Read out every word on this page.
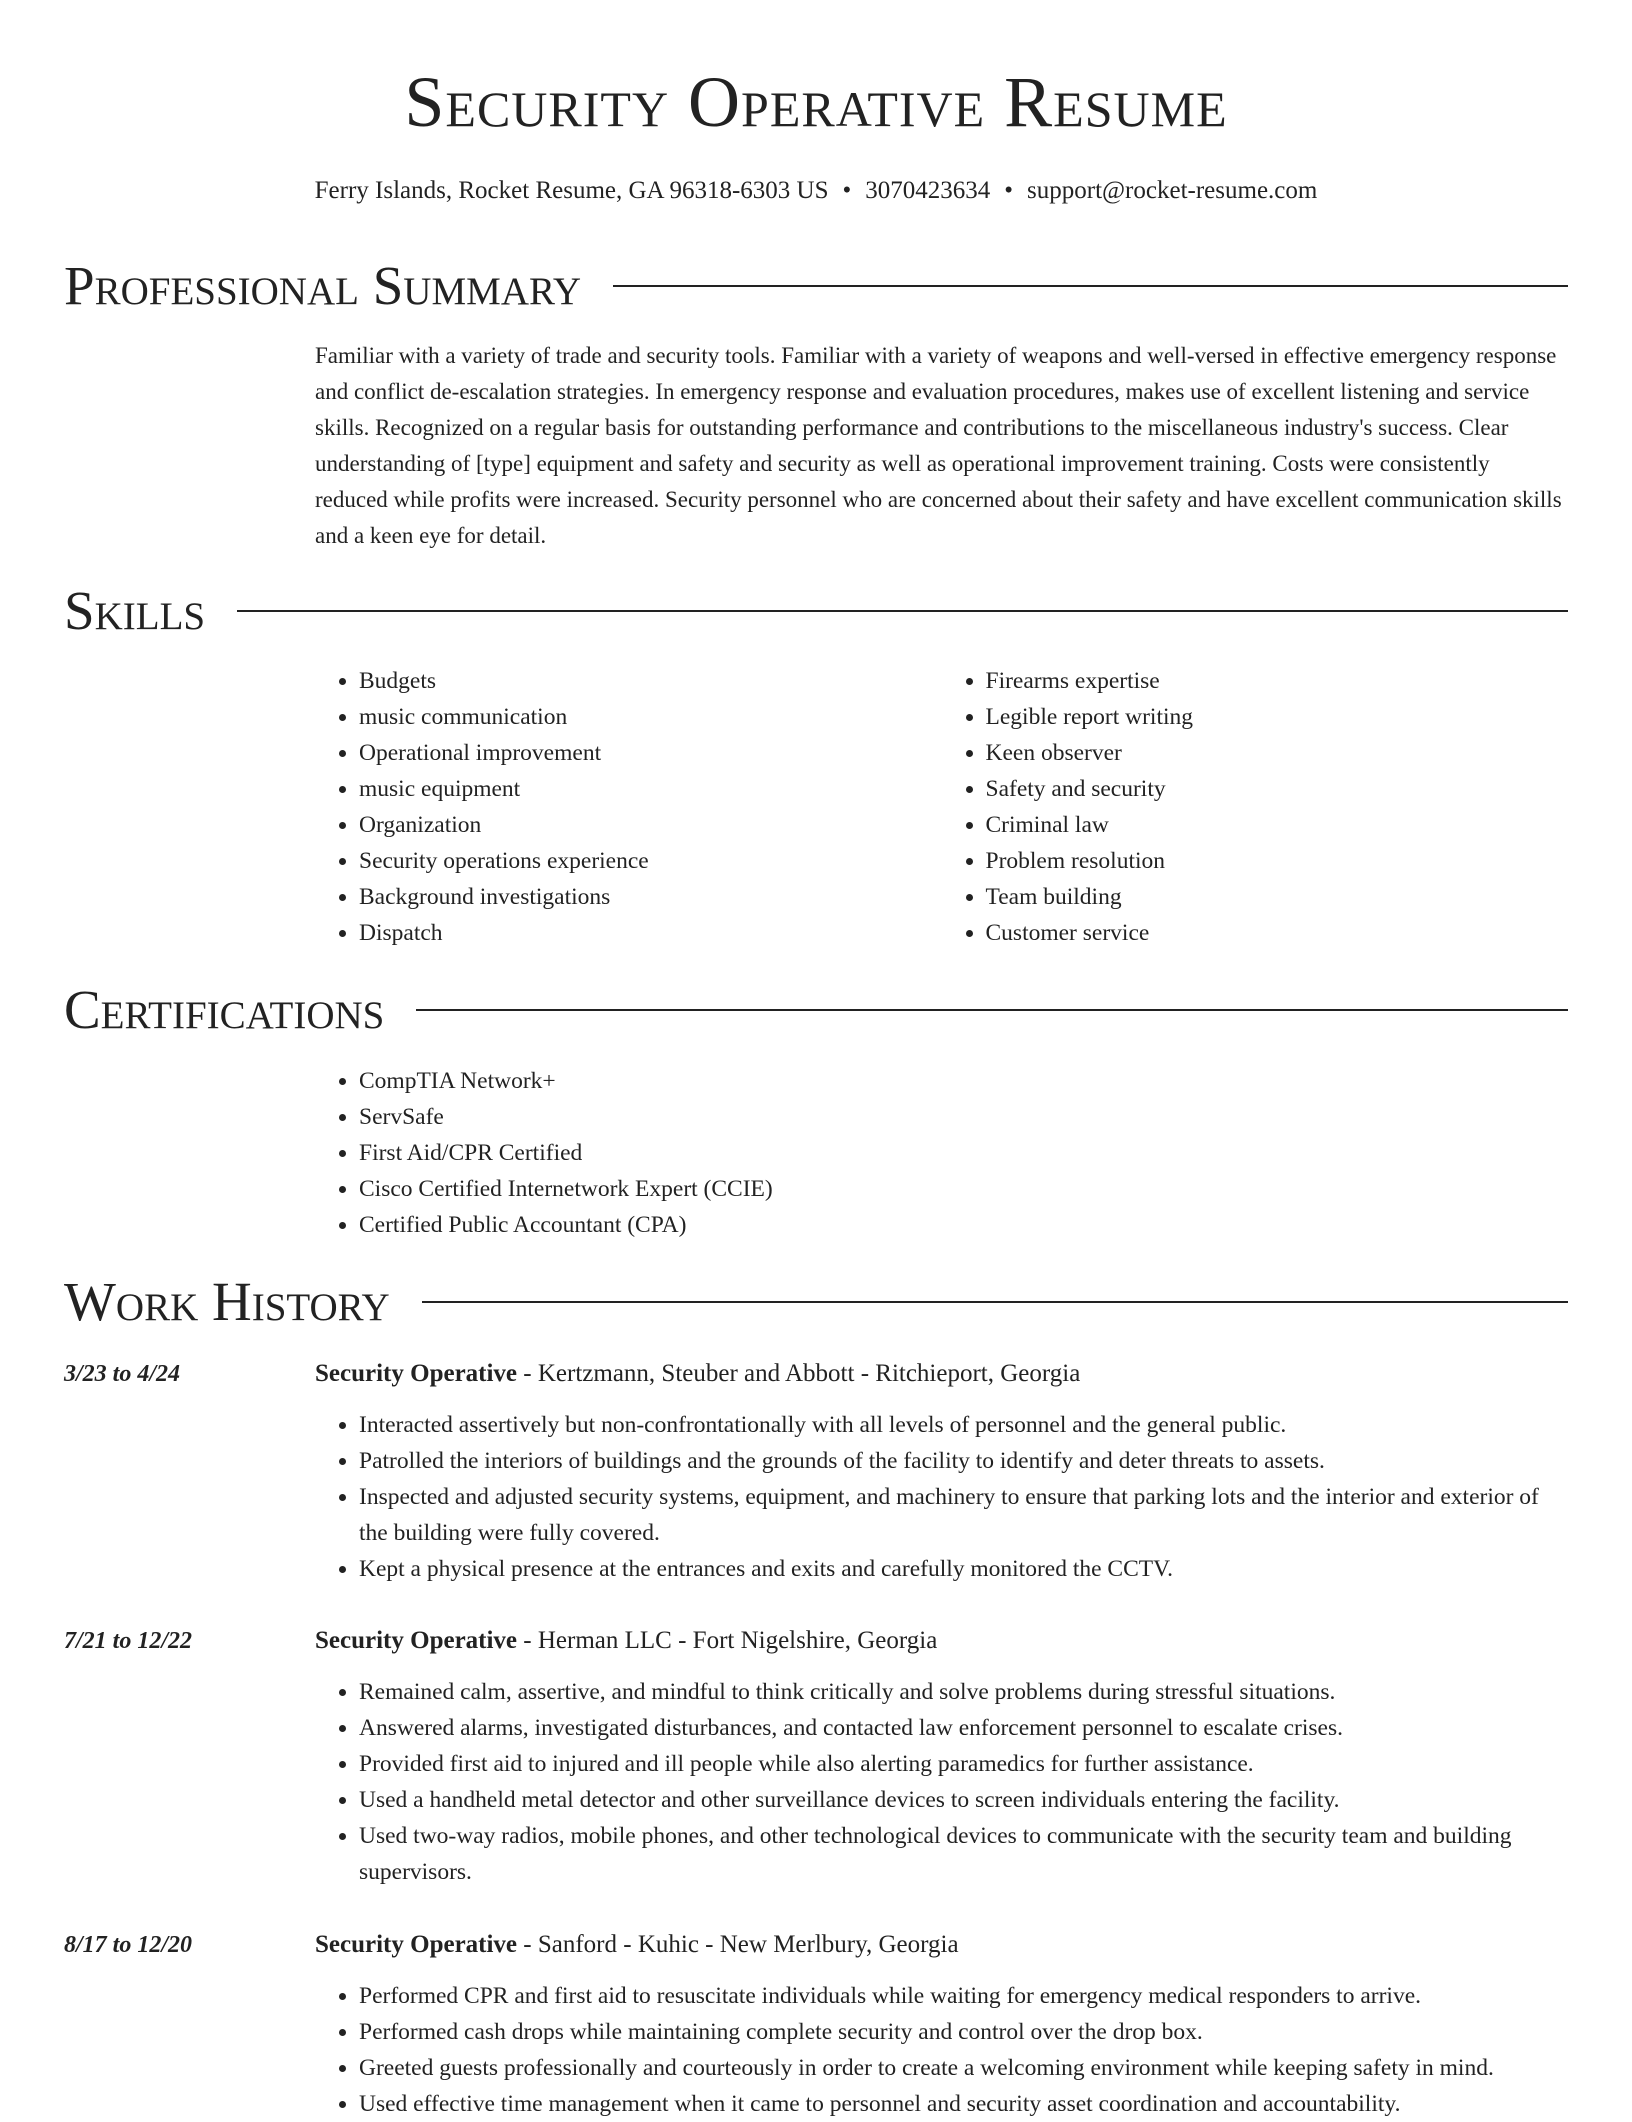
Security Operative Resume
Ferry Islands, Rocket Resume, GA 96318-6303 US • 3070423634 • support@rocket-resume.com
Professional Summary

Familiar with a variety of trade and security tools. Familiar with a variety of weapons and well-versed in effective emergency response and conflict de-escalation strategies. In emergency response and evaluation procedures, makes use of excellent listening and service skills. Recognized on a regular basis for outstanding performance and contributions to the miscellaneous industry's success. Clear understanding of [type] equipment and safety and security as well as operational improvement training. Costs were consistently reduced while profits were increased. Security personnel who are concerned about their safety and have excellent communication skills and a keen eye for detail.

Skills
• Budgets
• music communication
• Operational improvement
• music equipment
• Organization
• Security operations experience
• Background investigations
• Dispatch
• Firearms expertise
• Legible report writing
• Keen observer
• Safety and security
• Criminal law
• Problem resolution
• Team building
• Customer service
Certifications
• CompTIA Network+
• ServSafe
• First Aid/CPR Certified
• Cisco Certified Internetwork Expert (CCIE)
• Certified Public Accountant (CPA)
Work History
3/23 to 4/24	Security Operative - Kertzmann, Steuber and Abbott - Ritchieport, Georgia
• Interacted assertively but non-confrontationally with all levels of personnel and the general public.
• Patrolled the interiors of buildings and the grounds of the facility to identify and deter threats to assets.
• Inspected and adjusted security systems, equipment, and machinery to ensure that parking lots and the interior and exterior of the building were fully covered.
• Kept a physical presence at the entrances and exits and carefully monitored the CCTV.
7/21 to 12/22	Security Operative - Herman LLC - Fort Nigelshire, Georgia
• Remained calm, assertive, and mindful to think critically and solve problems during stressful situations.
• Answered alarms, investigated disturbances, and contacted law enforcement personnel to escalate crises.
• Provided first aid to injured and ill people while also alerting paramedics for further assistance.
• Used a handheld metal detector and other surveillance devices to screen individuals entering the facility.
• Used two-way radios, mobile phones, and other technological devices to communicate with the security team and building supervisors.
8/17 to 12/20	Security Operative - Sanford - Kuhic - New Merlbury, Georgia
• Performed CPR and first aid to resuscitate individuals while waiting for emergency medical responders to arrive.
• Performed cash drops while maintaining complete security and control over the drop box.
• Greeted guests professionally and courteously in order to create a welcoming environment while keeping safety in mind.
• Used effective time management when it came to personnel and security asset coordination and accountability.
